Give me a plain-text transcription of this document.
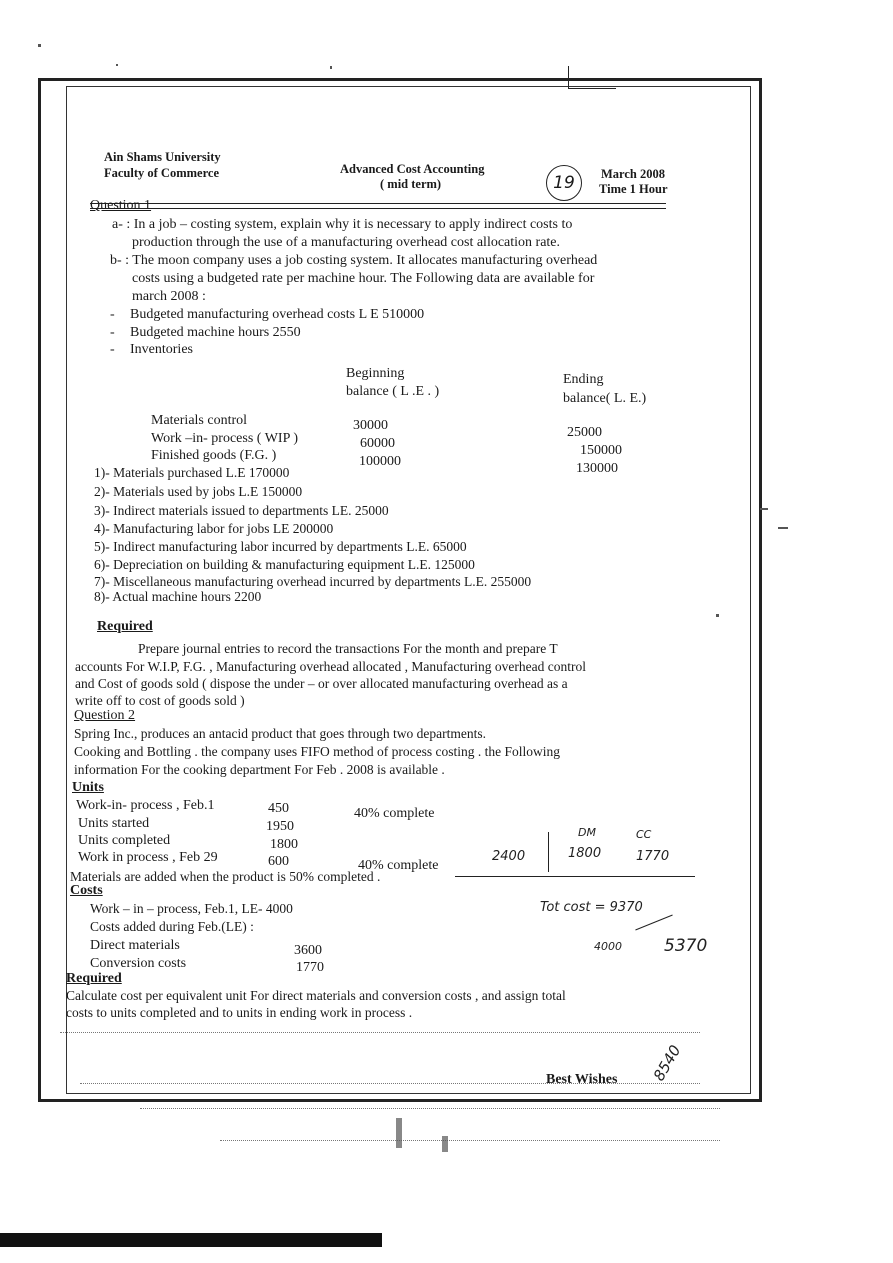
Ain Shams University
Faculty of Commerce	Advanced Cost Accounting
( mid term)	19	March 2008
Time 1 Hour
Question 1
a- : In a job – costing system, explain why it is necessary to apply indirect costs to
production through the use of a manufacturing overhead cost allocation rate.
b- : The moon company uses a job costing system. It allocates manufacturing overhead
costs using a budgeted rate per machine hour. The Following data are available for
march 2008 :
- Budgeted manufacturing overhead costs L E 510000
- Budgeted machine hours 2550
- Inventories
Beginning
balance ( L .E . )
Ending
balance( L. E.)
Materials control	30000	25000
Work –in- process ( WIP )	60000	150000
Finished goods (F.G. )	100000	130000
1)- Materials purchased L.E 170000
2)- Materials used by jobs L.E 150000
3)- Indirect materials issued to departments LE. 25000
4)- Manufacturing labor for jobs LE 200000
5)- Indirect manufacturing labor incurred by departments L.E. 65000
6)- Depreciation on building & manufacturing equipment L.E. 125000
7)- Miscellaneous manufacturing overhead incurred by departments L.E. 255000
8)- Actual machine hours 2200
Required
Prepare journal entries to record the transactions For the month and prepare T
accounts For W.I.P, F.G. , Manufacturing overhead allocated , Manufacturing overhead control
and Cost of goods sold ( dispose the under – or over allocated manufacturing overhead as a
write off to cost of goods sold )
Question 2
Spring Inc., produces an antacid product that goes through two departments.
Cooking and Bottling . the company uses FIFO method of process costing . the Following
information For the cooking department For Feb . 2008 is available .
Units
Work-in- process , Feb.1	450	40% complete
Units started	1950
Units completed	1800
Work in process , Feb 29	600	40% complete
Materials are added when the product is 50% completed .
Costs
Work – in – process, Feb.1, LE- 4000
Costs added during Feb.(LE) :
Direct materials	3600
Conversion costs	1770
Required
Calculate cost per equivalent unit For direct materials and conversion costs , and assign total
costs to units completed and to units in ending work in process .
2400
DM	CC
1800	1770
Tot cost = 9370
4000 5370
8540
Best Wishes
